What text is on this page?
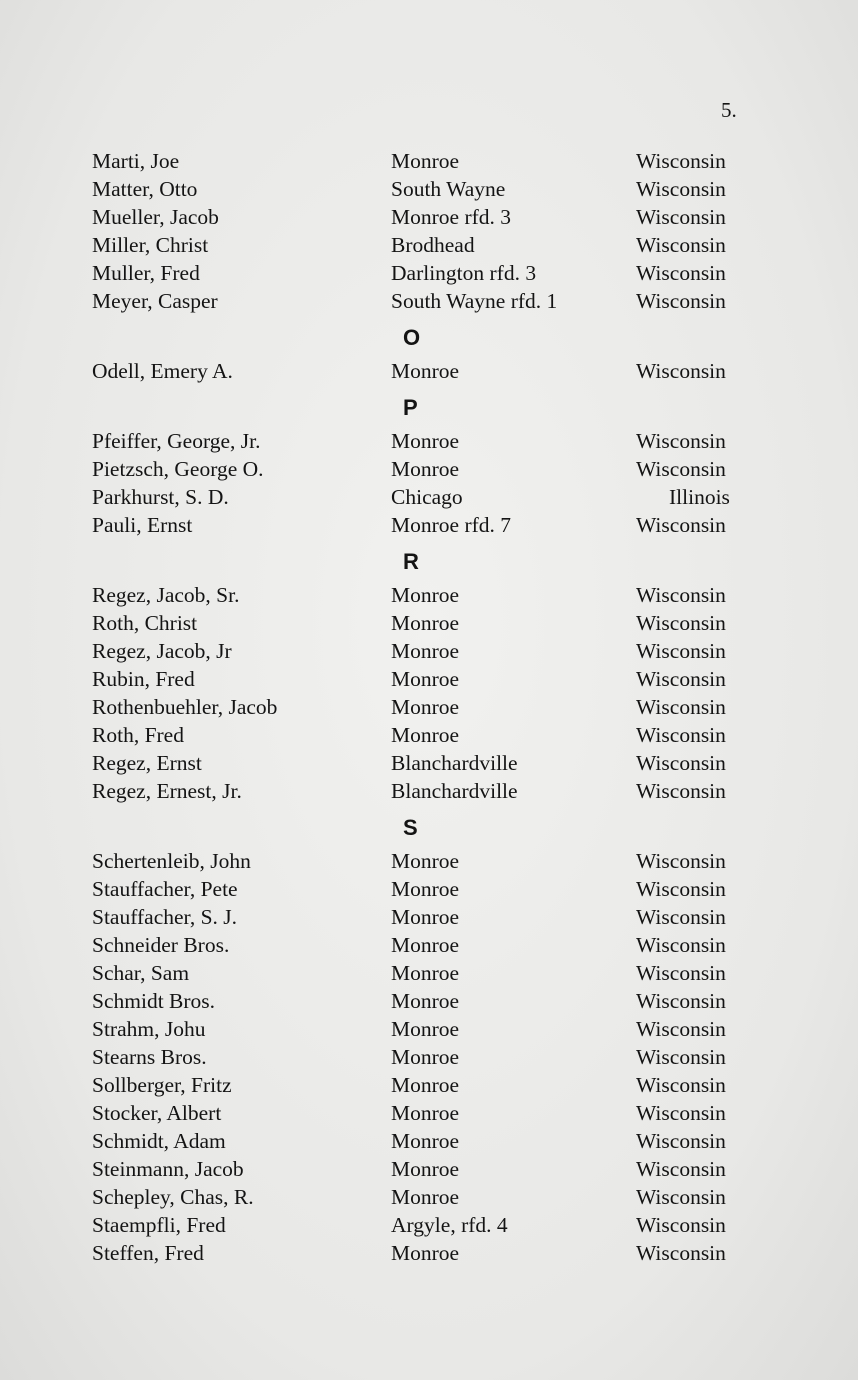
5.
Marti, Joe	Monroe	Wisconsin
Matter, Otto	South Wayne	Wisconsin
Mueller, Jacob	Monroe rfd. 3	Wisconsin
Miller, Christ	Brodhead	Wisconsin
Muller, Fred	Darlington rfd. 3	Wisconsin
Meyer, Casper	South Wayne rfd. 1	Wisconsin
O
Odell, Emery A.	Monroe	Wisconsin
P
Pfeiffer, George, Jr.	Monroe	Wisconsin
Pietzsch, George O.	Monroe	Wisconsin
Parkhurst, S. D.	Chicago	Illinois
Pauli, Ernst	Monroe rfd. 7	Wisconsin
R
Regez, Jacob, Sr.	Monroe	Wisconsin
Roth, Christ	Monroe	Wisconsin
Regez, Jacob, Jr	Monroe	Wisconsin
Rubin, Fred	Monroe	Wisconsin
Rothenbuehler, Jacob	Monroe	Wisconsin
Roth, Fred	Monroe	Wisconsin
Regez, Ernst	Blanchardville	Wisconsin
Regez, Ernest, Jr.	Blanchardville	Wisconsin
S
Schertenleib, John	Monroe	Wisconsin
Stauffacher, Pete	Monroe	Wisconsin
Stauffacher, S. J.	Monroe	Wisconsin
Schneider Bros.	Monroe	Wisconsin
Schar, Sam	Monroe	Wisconsin
Schmidt Bros.	Monroe	Wisconsin
Strahm, Johu	Monroe	Wisconsin
Stearns Bros.	Monroe	Wisconsin
Sollberger, Fritz	Monroe	Wisconsin
Stocker, Albert	Monroe	Wisconsin
Schmidt, Adam	Monroe	Wisconsin
Steinmann, Jacob	Monroe	Wisconsin
Schepley, Chas, R.	Monroe	Wisconsin
Staempfli, Fred	Argyle, rfd. 4	Wisconsin
Steffen, Fred	Monroe	Wisconsin
